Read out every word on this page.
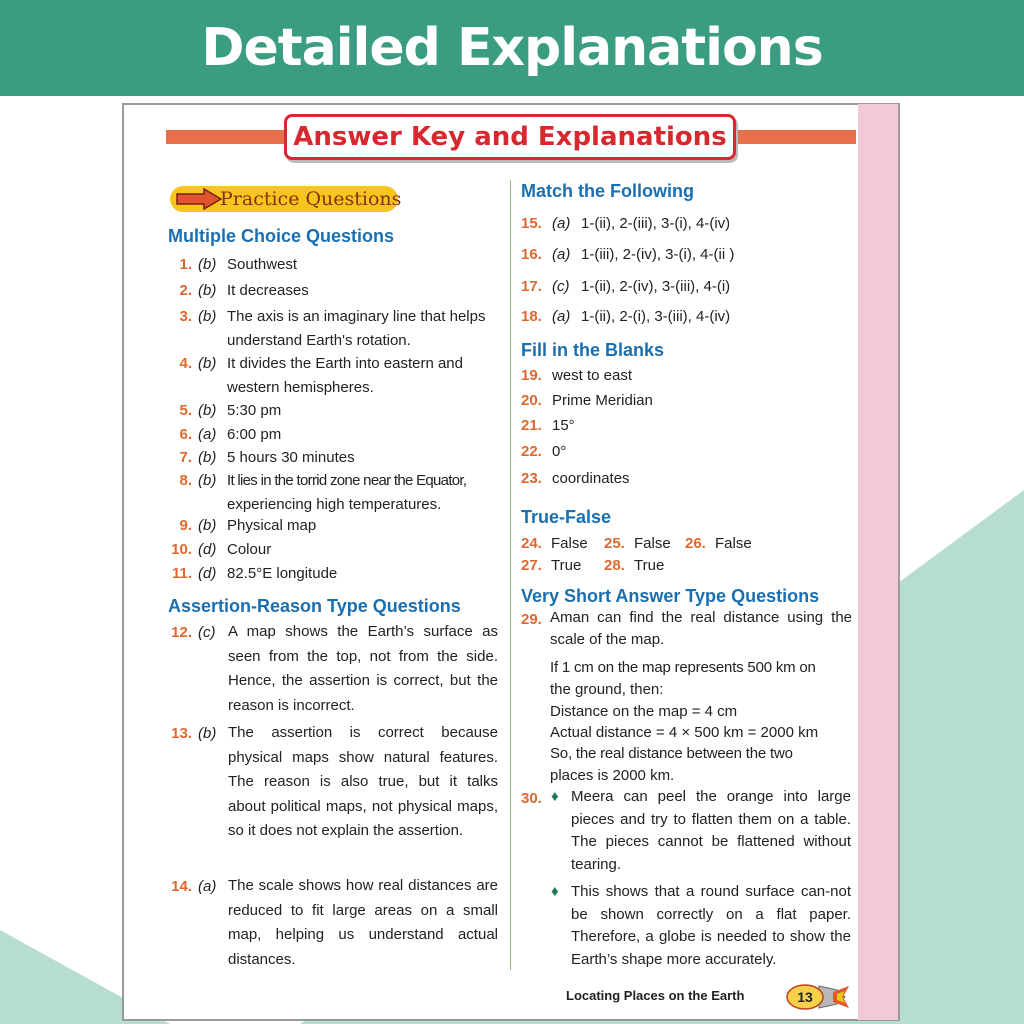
Detailed Explanations
Answer Key and Explanations
Practice Questions
Multiple Choice Questions
1. (b) Southwest
2. (b) It decreases
3. (b) The axis is an imaginary line that helps
understand Earth's rotation.
4. (b) It divides the Earth into eastern and
western hemispheres.
5. (b) 5:30 pm
6. (a) 6:00 pm
7. (b) 5 hours 30 minutes
8. (b) It lies in the torrid zone near the Equator,
experiencing high temperatures.
9. (b) Physical map
10. (d) Colour
11. (d) 82.5°E longitude
Assertion-Reason Type Questions
12. (c) A map shows the Earth’s surface as seen from the top, not from the side. Hence, the assertion is correct, but the reason is incorrect.
13. (b) The assertion is correct because physical maps show natural features. The reason is also true, but it talks about political maps, not physical maps, so it does not explain the assertion.
14. (a) The scale shows how real distances are reduced to fit large areas on a small map, helping us understand actual distances.
Match the Following
15. (a) 1-(ii), 2-(iii), 3-(i), 4-(iv)
16. (a) 1-(iii), 2-(iv), 3-(i), 4-(ii )
17. (c) 1-(ii), 2-(iv), 3-(iii), 4-(i)
18. (a) 1-(ii), 2-(i), 3-(iii), 4-(iv)
Fill in the Blanks
19. west to east
20. Prime Meridian
21. 15°
22. 0°
23. coordinates
True-False
24. False 25. False 26. False
27. True 28. True
Very Short Answer Type Questions
29. Aman can find the real distance using the scale of the map.
If 1 cm on the map represents 500 km on
the ground, then:
Distance on the map = 4 cm
Actual distance = 4 × 500 km = 2000 km
So, the real distance between the two
places is 2000 km.
30. ♦ Meera can peel the orange into large pieces and try to flatten them on a table. The pieces cannot be flattened without tearing.
♦ This shows that a round surface can-not be shown correctly on a flat paper. Therefore, a globe is needed to show the Earth’s shape more accurately.
Locating Places on the Earth	13
